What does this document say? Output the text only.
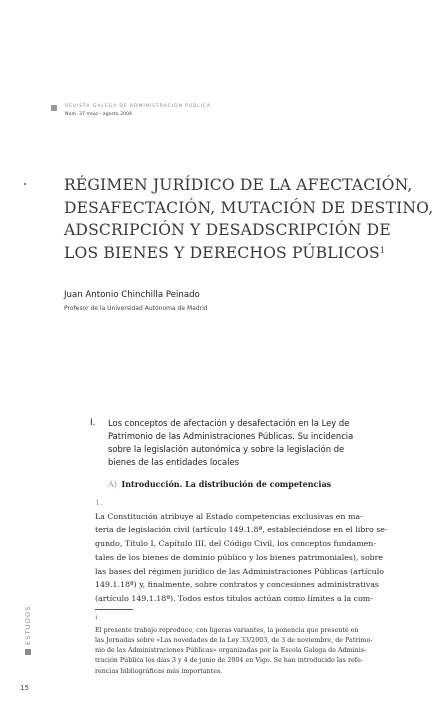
REVISTA GALEGA DE ADMINISTRACIÓN PÚBLICA
Núm. 37 maio - agosto 2004
RÉGIMEN JURÍDICO DE LA AFECTACIÓN,
DESAFECTACIÓN, MUTACIÓN DE DESTINO,
ADSCRIPCIÓN Y DESADSCRIPCIÓN DE
LOS BIENES Y DERECHOS PÚBLICOS$^1$
Juan Antonio Chinchilla Peinado
Profesor de la Universidad Autónoma de Madrid
I. Los conceptos de afectación y desafectación en la Ley de
Patrimonio de las Administraciones Públicas. Su incidencia
sobre la legislación autonómica y sobre la legislación de
bienes de las entidades locales
A) Introducción. La distribución de competencias
1.
La Constitución atribuye al Estado competencias exclusivas en ma-
teria de legislación civil (artículo 149.1.8ª, estableciéndose en el libro se-
gundo, Título I, Capítulo III, del Código Civil, los conceptos fundamen-
tales de los bienes de dominio público y los bienes patrimoniales), sobre
las bases del régimen jurídico de las Administraciones Públicas (artículo
149.1.18ª) y, finalmente, sobre contratos y concesiones administrativas
(artículo 149.1.18ª). Todos estos títulos actúan como límites a la com-
$^1$
El presente trabajo reproduce, con ligeras variantes, la ponencia que presenté en
las Jornadas sobre «Las novedades de la Ley 33/2003, de 3 de noviembre, de Patrimo-
nio de las Administraciones Públicas» organizadas por la Escola Galega de Adminis-
tración Pública los días 3 y 4 de junio de 2004 en Vigo. Se han introducido las refe-
rencias bibliográficas más importantes.
ESTUDOS
15
